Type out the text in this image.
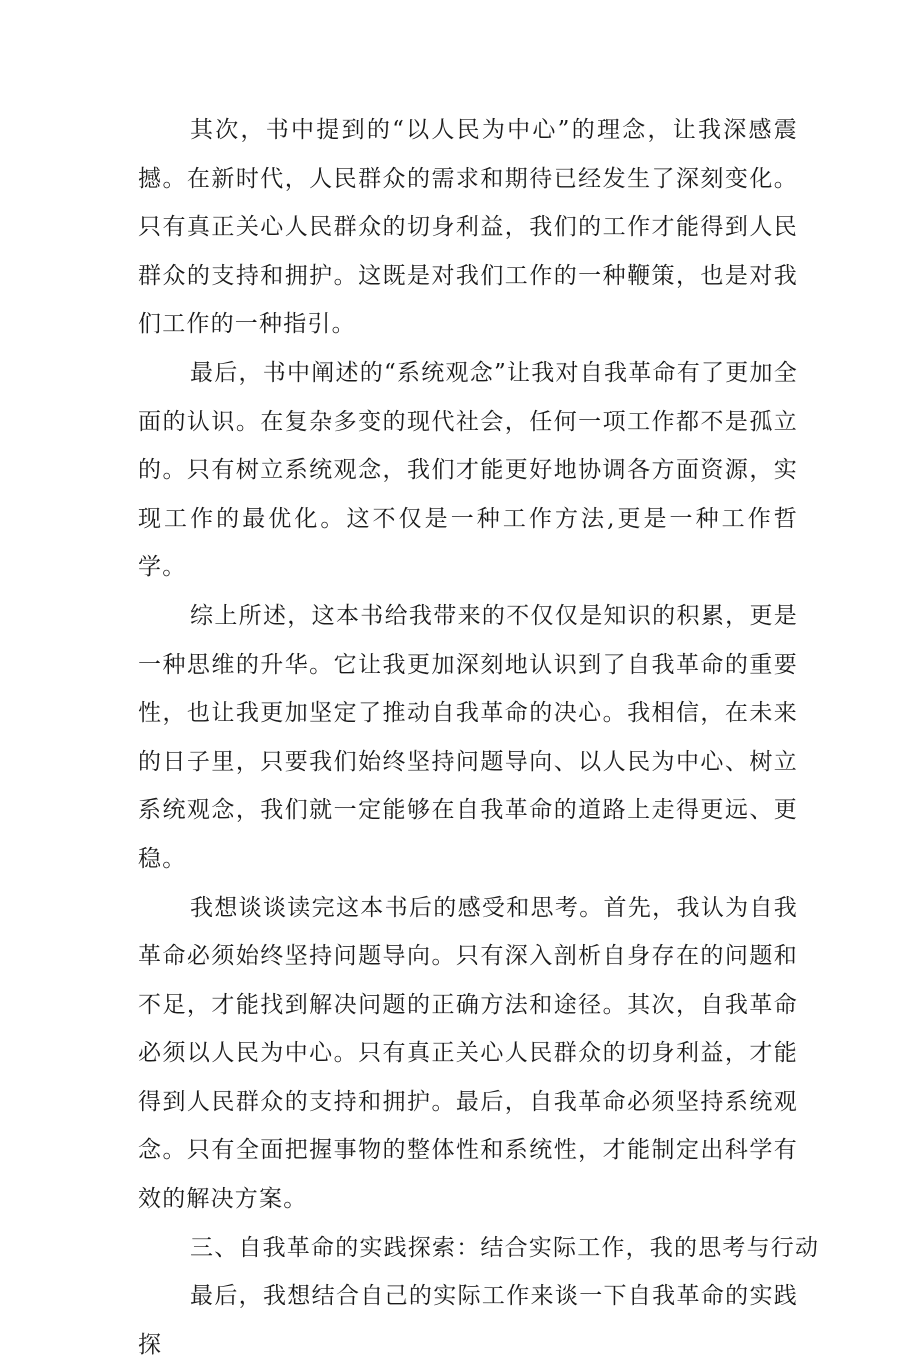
其次，书中提到的“以人民为中心”的理念，让我深感震撼。在新时代，人民群众的需求和期待已经发生了深刻变化。只有真正关心人民群众的切身利益，我们的工作才能得到人民群众的支持和拥护。这既是对我们工作的一种鞭策，也是对我们工作的一种指引。

最后，书中阐述的“系统观念”让我对自我革命有了更加全面的认识。在复杂多变的现代社会，任何一项工作都不是孤立的。只有树立系统观念，我们才能更好地协调各方面资源，实现工作的最优化。这不仅是一种工作方法,更是一种工作哲学。

综上所述，这本书给我带来的不仅仅是知识的积累，更是一种思维的升华。它让我更加深刻地认识到了自我革命的重要性，也让我更加坚定了推动自我革命的决心。我相信，在未来的日子里，只要我们始终坚持问题导向、以人民为中心、树立系统观念，我们就一定能够在自我革命的道路上走得更远、更稳。

我想谈谈读完这本书后的感受和思考。首先，我认为自我革命必须始终坚持问题导向。只有深入剖析自身存在的问题和不足，才能找到解决问题的正确方法和途径。其次，自我革命必须以人民为中心。只有真正关心人民群众的切身利益，才能得到人民群众的支持和拥护。最后，自我革命必须坚持系统观念。只有全面把握事物的整体性和系统性，才能制定出科学有效的解决方案。

三、自我革命的实践探索：结合实际工作，我的思考与行动

最后，我想结合自己的实际工作来谈一下自我革命的实践探
